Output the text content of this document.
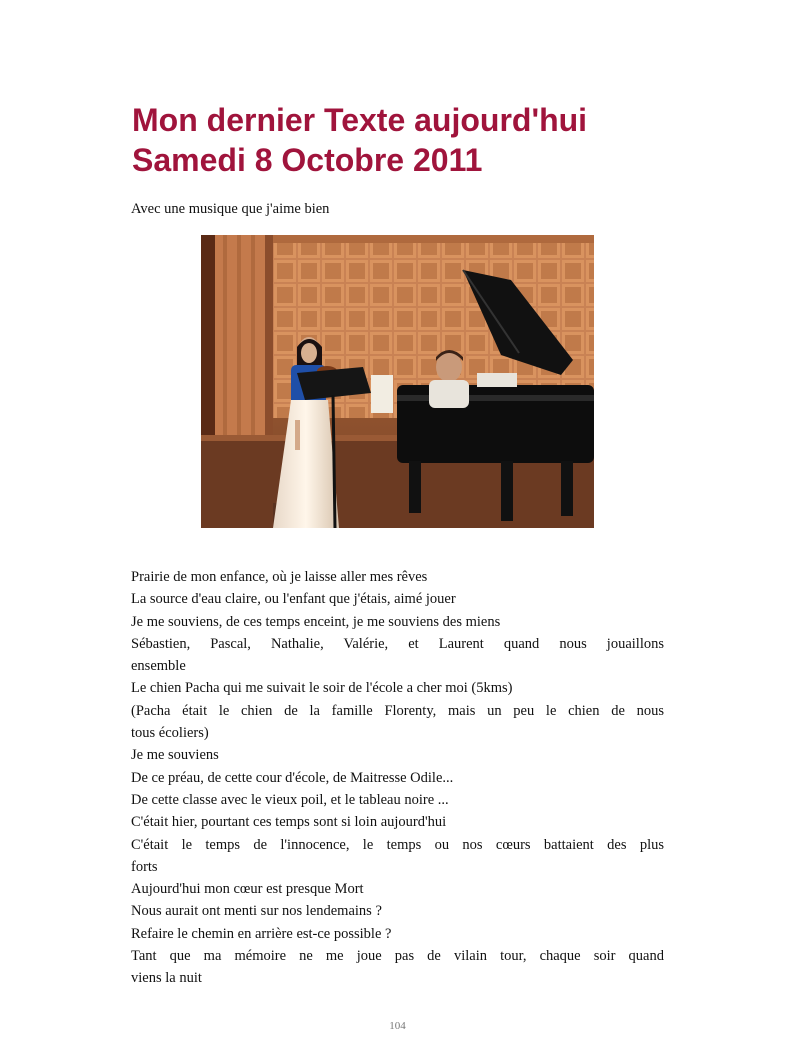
Mon dernier Texte aujourd'hui
Samedi 8 Octobre 2011

Avec une musique que j'aime bien

Prairie de mon enfance, où je laisse aller mes rêves
La source d'eau claire, ou l'enfant que j'étais, aimé jouer
Je me souviens, de ces temps enceint, je me souviens des miens
Sébastien, Pascal, Nathalie, Valérie, et Laurent quand nous jouaillons
ensemble
Le chien Pacha qui me suivait le soir de l'école a cher moi (5kms)
(Pacha était le chien de la famille Florenty, mais un peu le chien de nous
tous écoliers)
Je me souviens
De ce préau, de cette cour d'école, de Maitresse Odile...
De cette classe avec le vieux poil, et le tableau noire ...
C'était hier, pourtant ces temps sont si loin aujourd'hui
C'était le temps de l'innocence, le temps ou nos cœurs battaient des plus
forts
Aujourd'hui mon cœur est presque Mort
Nous aurait ont menti sur nos lendemains ?
Refaire le chemin en arrière est-ce possible ?
Tant que ma mémoire ne me joue pas de vilain tour, chaque soir quand
viens la nuit
104
